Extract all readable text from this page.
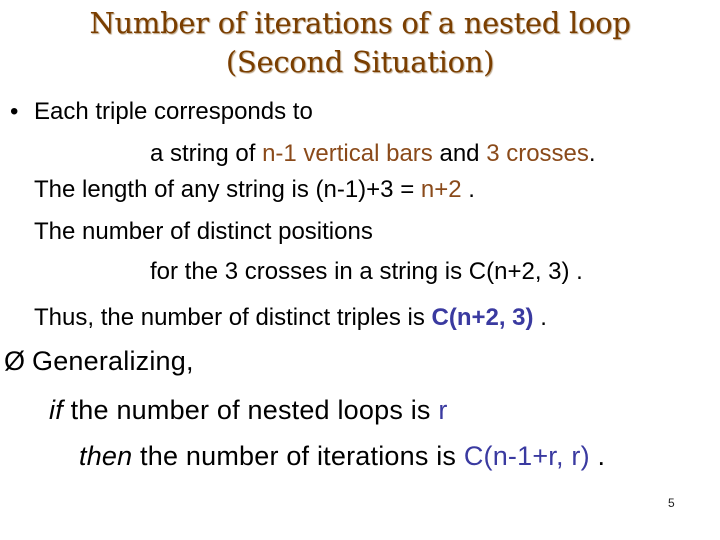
Number of iterations of a nested loop
(Second Situation)
• Each triple corresponds to
a string of n-1 vertical bars and 3 crosses.
The length of any string is (n-1)+3 = n+2 .
The number of distinct positions
for the 3 crosses in a string is C(n+2, 3) .
Thus, the number of distinct triples is C(n+2, 3) .
Ø Generalizing,
if the number of nested loops is r
then the number of iterations is C(n-1+r, r) .
5
